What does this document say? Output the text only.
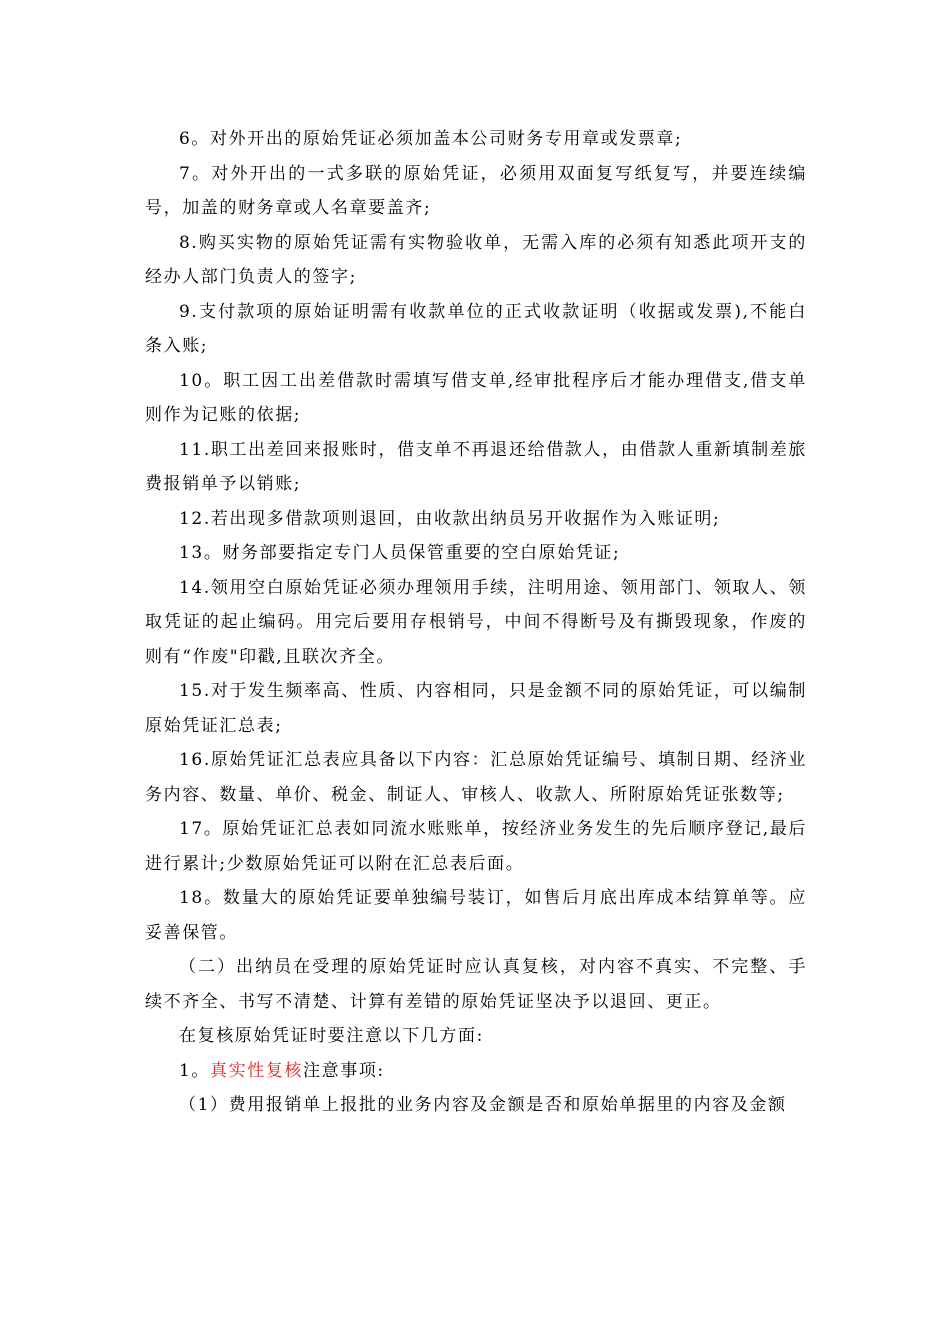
6。对外开出的原始凭证必须加盖本公司财务专用章或发票章;

7。对外开出的一式多联的原始凭证，必须用双面复写纸复写，并要连续编号，加盖的财务章或人名章要盖齐;

8.购买实物的原始凭证需有实物验收单，无需入库的必须有知悉此项开支的经办人部门负责人的签字;

9.支付款项的原始证明需有收款单位的正式收款证明（收据或发票),不能白条入账;

10。职工因工出差借款时需填写借支单,经审批程序后才能办理借支,借支单则作为记账的依据;

11.职工出差回来报账时，借支单不再退还给借款人，由借款人重新填制差旅费报销单予以销账;

12.若出现多借款项则退回，由收款出纳员另开收据作为入账证明;

13。财务部要指定专门人员保管重要的空白原始凭证;

14.领用空白原始凭证必须办理领用手续，注明用途、领用部门、领取人、领取凭证的起止编码。用完后要用存根销号，中间不得断号及有撕毁现象，作废的则有“作废"印戳,且联次齐全。

15.对于发生频率高、性质、内容相同，只是金额不同的原始凭证，可以编制原始凭证汇总表;

16.原始凭证汇总表应具备以下内容：汇总原始凭证编号、填制日期、经济业务内容、数量、单价、税金、制证人、审核人、收款人、所附原始凭证张数等;

17。原始凭证汇总表如同流水账账单，按经济业务发生的先后顺序登记,最后进行累计;少数原始凭证可以附在汇总表后面。

18。数量大的原始凭证要单独编号装订，如售后月底出库成本结算单等。应妥善保管。

（二）出纳员在受理的原始凭证时应认真复核，对内容不真实、不完整、手续不齐全、书写不清楚、计算有差错的原始凭证坚决予以退回、更正。

在复核原始凭证时要注意以下几方面:

1。真实性复核注意事项:

（1）费用报销单上报批的业务内容及金额是否和原始单据里的内容及金额
